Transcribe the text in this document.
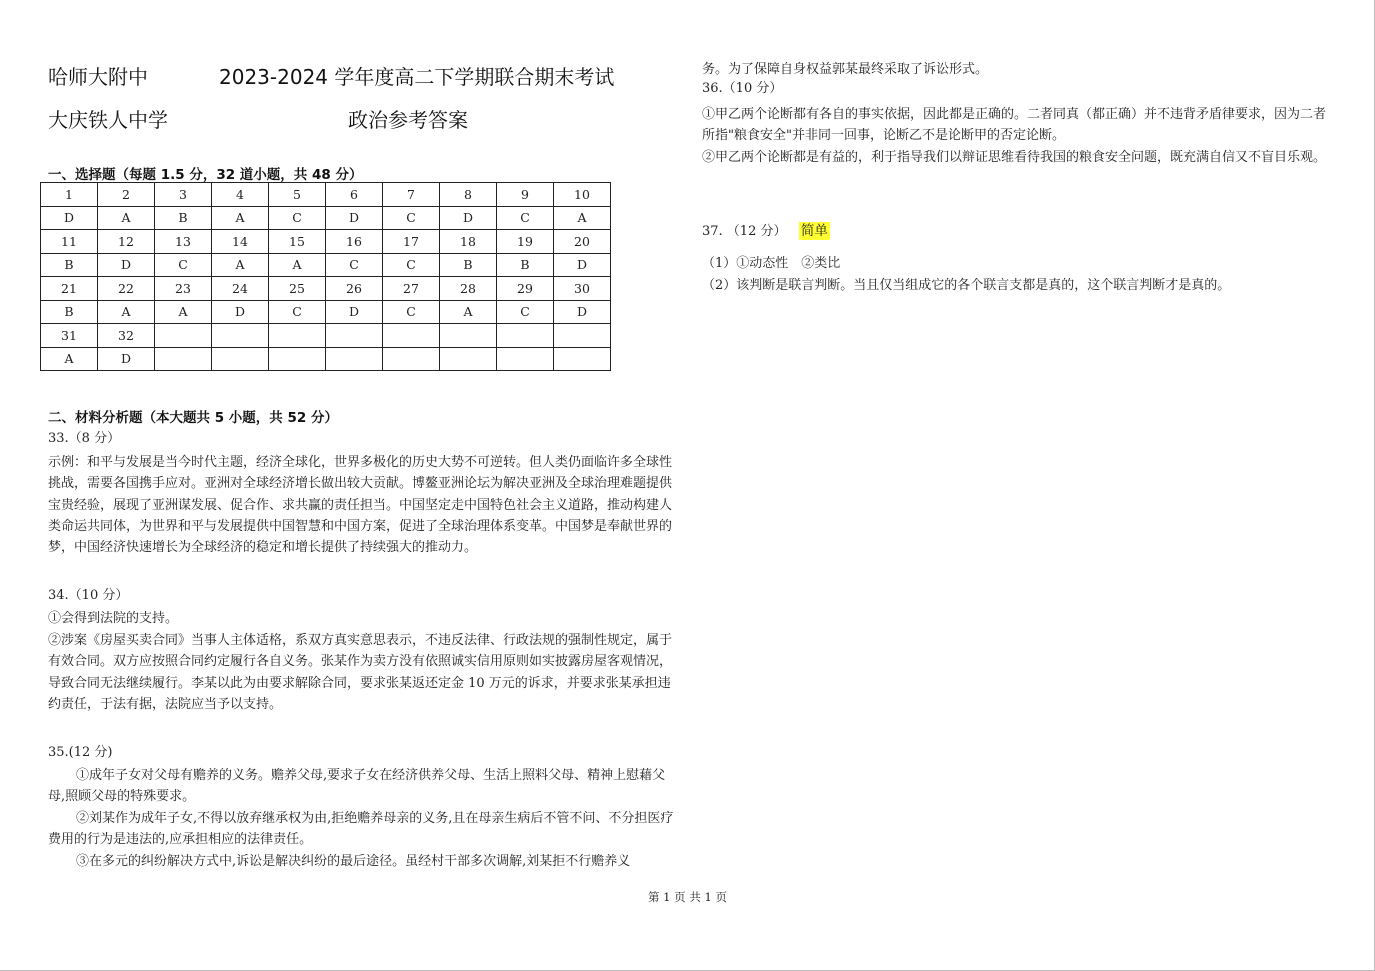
哈师大附中	2023-2024 学年度高二下学期联合期末考试
大庆铁人中学	政治参考答案
一、选择题（每题 1.5 分，32 道小题，共 48 分）
1	2	3	4	5	6	7	8	9	10
D	A	B	A	C	D	C	D	C	A
11	12	13	14	15	16	17	18	19	20
B	D	C	A	A	C	C	B	B	D
21	22	23	24	25	26	27	28	29	30
B	A	A	D	C	D	C	A	C	D
31	32								
A	D								
二、材料分析题（本大题共 5 小题，共 52 分）
33.（8 分）
示例：和平与发展是当今时代主题，经济全球化，世界多极化的历史大势不可逆转。但人类仍面临许多全球性挑战，需要各国携手应对。亚洲对全球经济增长做出较大贡献。博鳌亚洲论坛为解决亚洲及全球治理难题提供宝贵经验，展现了亚洲谋发展、促合作、求共赢的责任担当。中国坚定走中国特色社会主义道路，推动构建人类命运共同体，为世界和平与发展提供中国智慧和中国方案，促进了全球治理体系变革。中国梦是奉献世界的梦，中国经济快速增长为全球经济的稳定和增长提供了持续强大的推动力。
34.（10 分）
①会得到法院的支持。
②涉案《房屋买卖合同》当事人主体适格，系双方真实意思表示，不违反法律、行政法规的强制性规定，属于有效合同。双方应按照合同约定履行各自义务。张某作为卖方没有依照诚实信用原则如实披露房屋客观情况，导致合同无法继续履行。李某以此为由要求解除合同，要求张某返还定金 10 万元的诉求，并要求张某承担违约责任，于法有据，法院应当予以支持。
35.(12 分)
①成年子女对父母有赡养的义务。赡养父母,要求子女在经济供养父母、生活上照料父母、精神上慰藉父母,照顾父母的特殊要求。
②刘某作为成年子女,不得以放弃继承权为由,拒绝赡养母亲的义务,且在母亲生病后不管不问、不分担医疗费用的行为是违法的,应承担相应的法律责任。
③在多元的纠纷解决方式中,诉讼是解决纠纷的最后途径。虽经村干部多次调解,刘某拒不行赡养义
务。为了保障自身权益郭某最终采取了诉讼形式。
36.（10 分）
①甲乙两个论断都有各自的事实依据，因此都是正确的。二者同真（都正确）并不违背矛盾律要求，因为二者所指"粮食安全"并非同一回事，论断乙不是论断甲的否定论断。
②甲乙两个论断都是有益的，利于指导我们以辩证思维看待我国的粮食安全问题，既充满自信又不盲目乐观。
37. （12 分） 简单
（1）①动态性　②类比
（2）该判断是联言判断。当且仅当组成它的各个联言支都是真的，这个联言判断才是真的。
第 1 页 共 1 页
